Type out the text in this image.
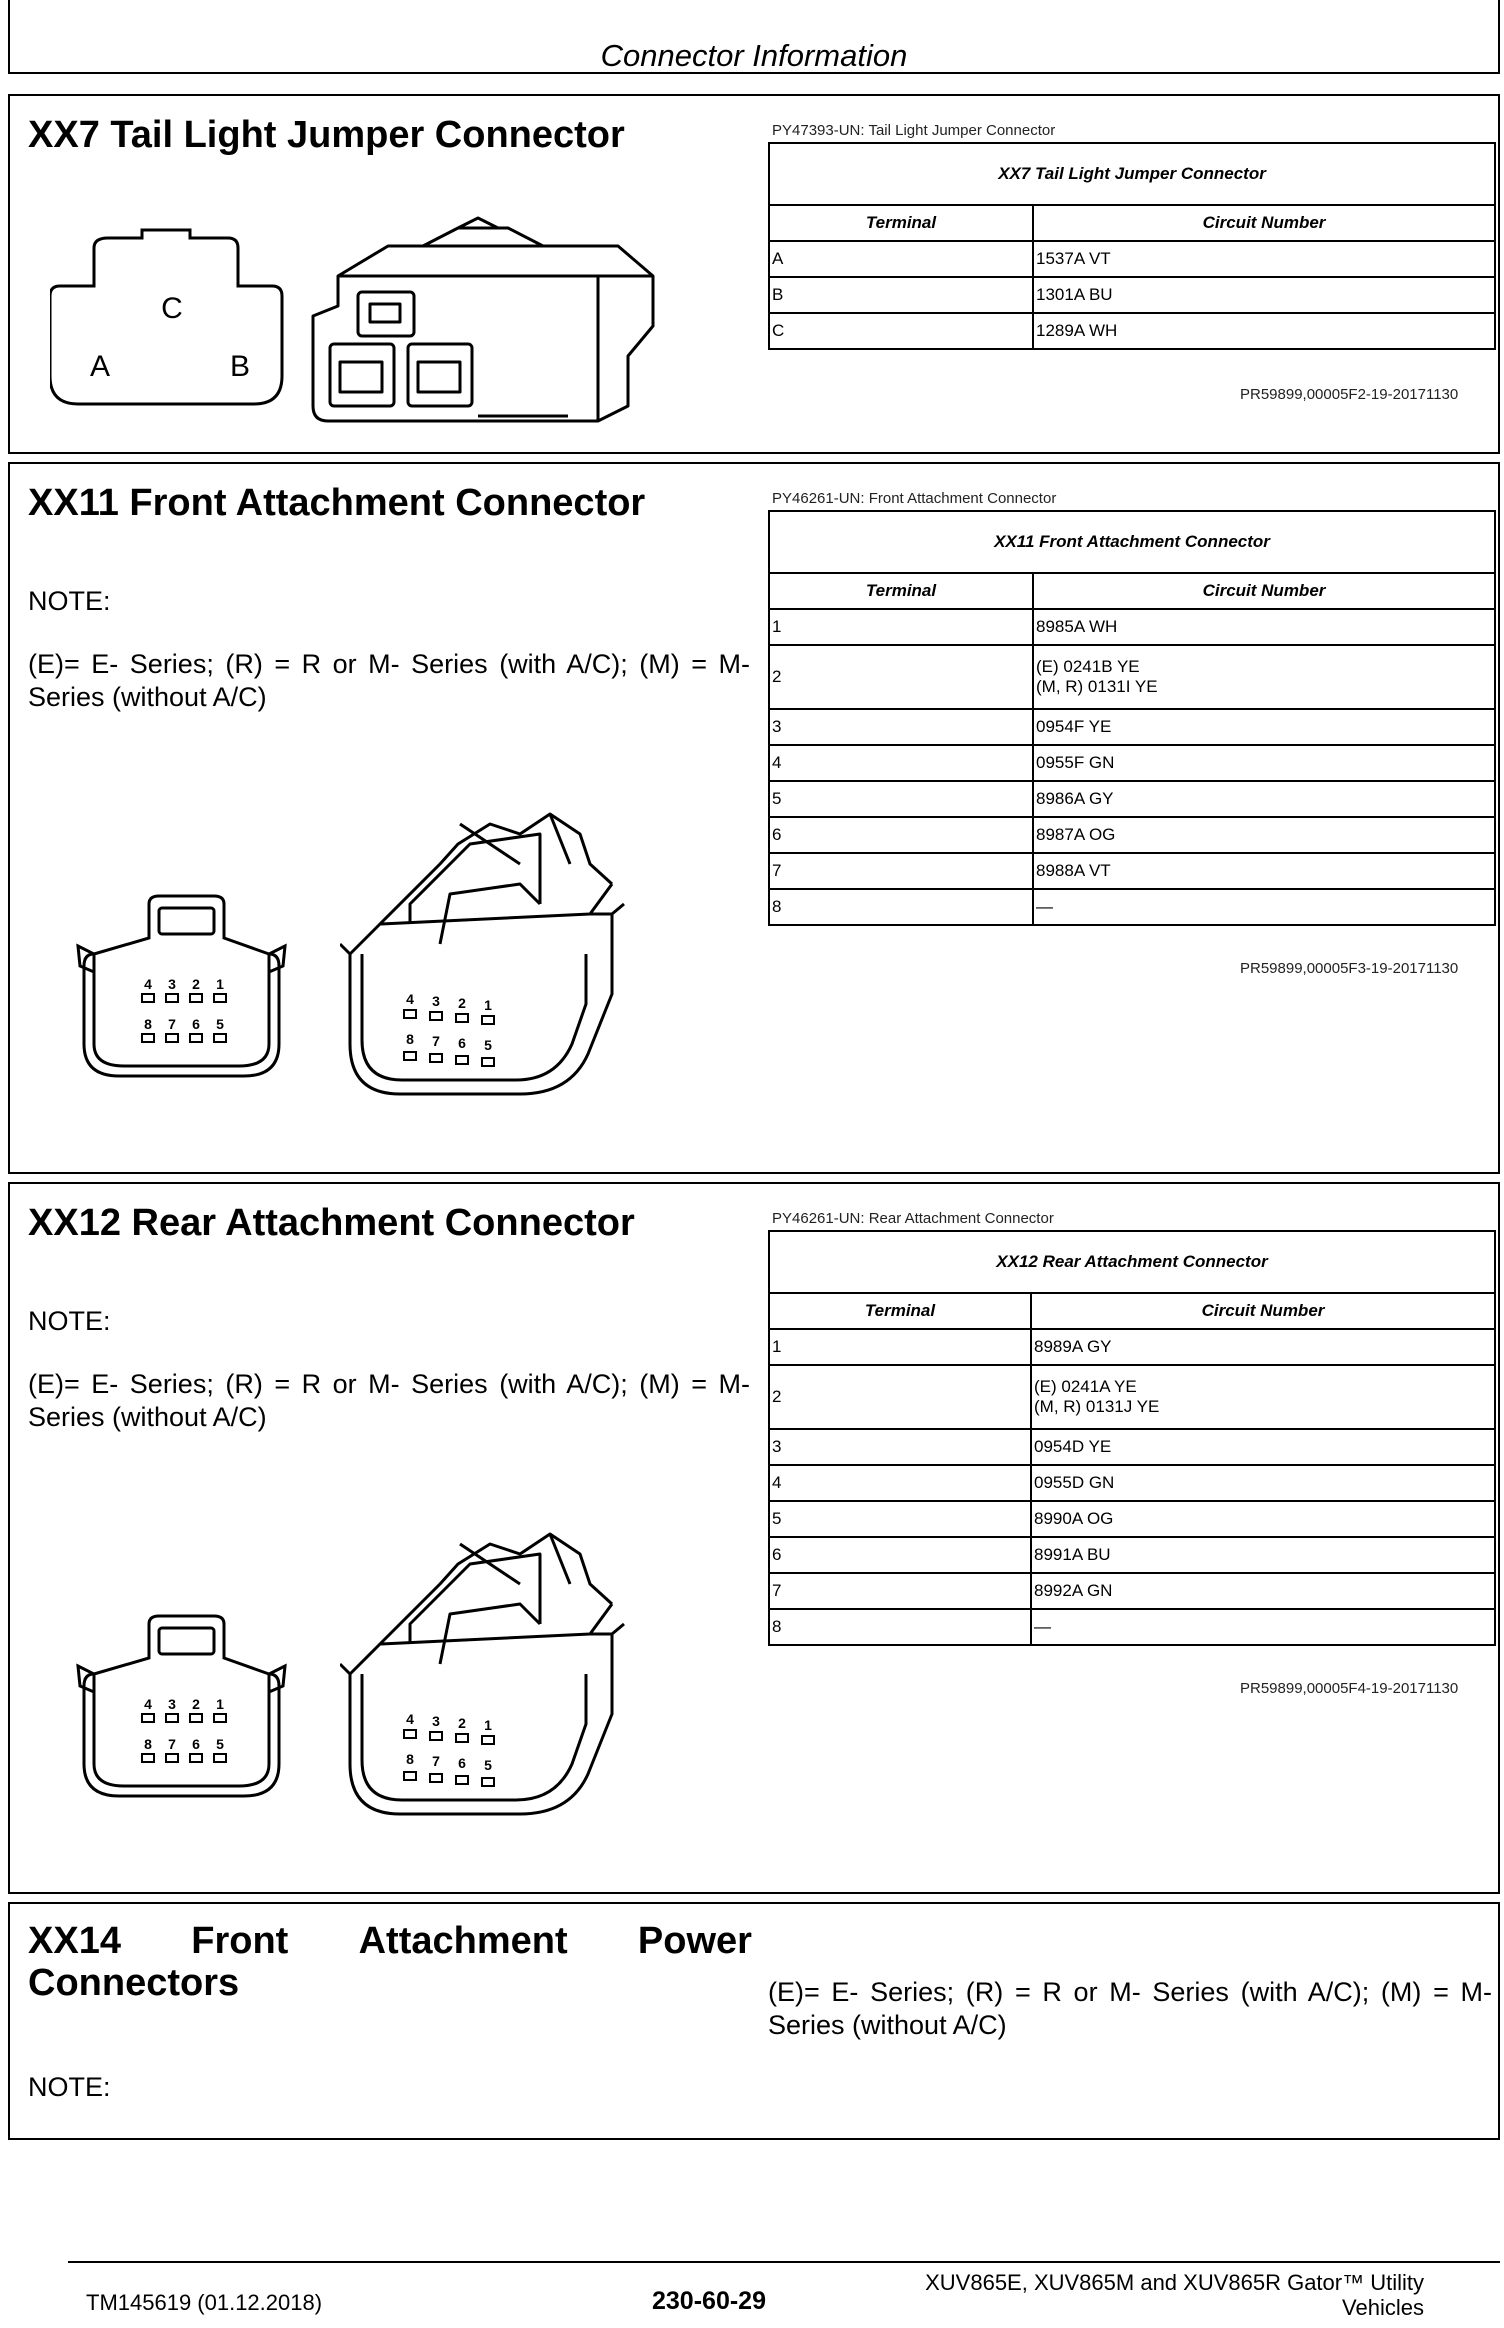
Connector Information
XX7 Tail Light Jumper Connector	PY47393-UN: Tail Light Jumper Connector
XX7 Tail Light Jumper Connector	
Terminal	Circuit Number
A	1537A VT
B	1301A BU
C	1289A WH
PR59899,00005F2-19-20171130
C
A	B
XX11 Front Attachment Connector
NOTE:
(E)= E- Series; (R) = R or M- Series (with A/C); (M) = M-Series (without A/C)
PY46261-UN: Front Attachment Connector
XX11 Front Attachment Connector	
Terminal	Circuit Number
1	8985A WH
2	(E) 0241B YE
(M, R) 0131I YE

3	0954F YE
4	0955F GN
5	8986A GY
6	8987A OG
7	8988A VT
8	—
PR59899,00005F3-19-20171130
4 3 2 1
8 7 6 5
4 3 2 1
8 7 6 5
XX12 Rear Attachment Connector
NOTE:
(E)= E- Series; (R) = R or M- Series (with A/C); (M) = M-Series (without A/C)
PY46261-UN: Rear Attachment Connector
XX12 Rear Attachment Connector	
Terminal	Circuit Number
1	8989A GY
2	(E) 0241A YE
(M, R) 0131J YE

3	0954D YE
4	0955D GN
5	8990A OG
6	8991A BU
7	8992A GN
8	—
PR59899,00005F4-19-20171130
4 3 2 1
8 7 6 5
4 3 2 1
8 7 6 5
XX14 Front Attachment Power
Connectors	(E)= E- Series; (R) = R or M- Series (with A/C); (M) = M-Series (without A/C)
NOTE:
TM145619 (01.12.2018)	230-60-29
XUV865E, XUV865M and XUV865R Gator™ Utility
Vehicles
